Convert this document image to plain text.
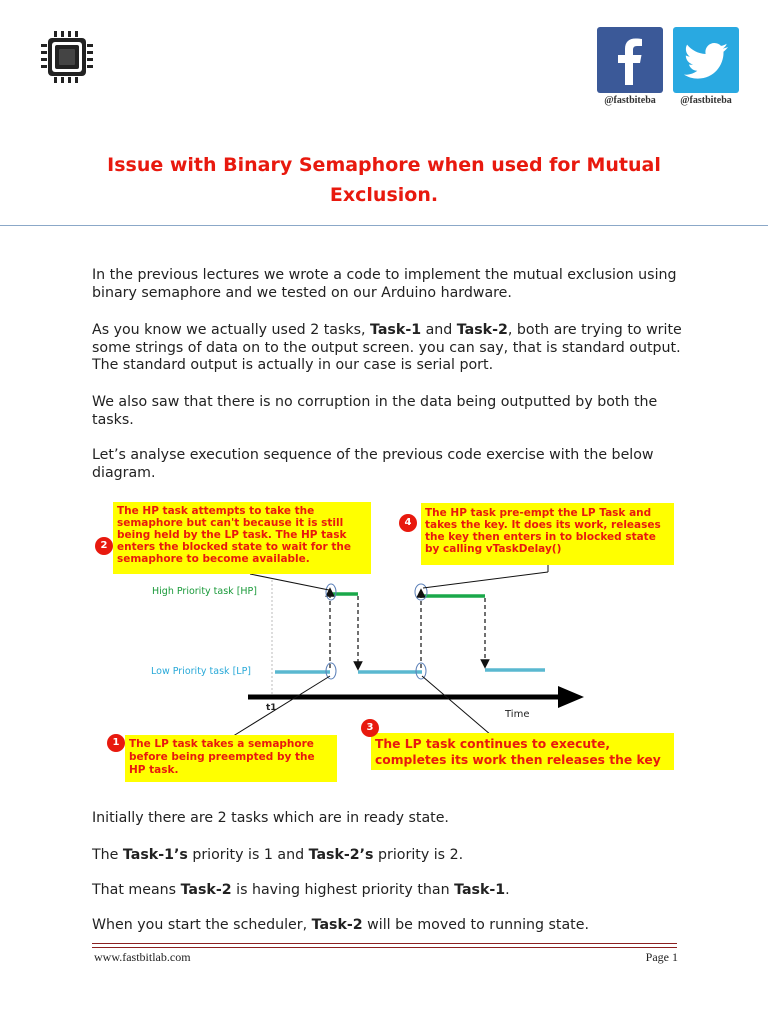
@fastbiteba	@fastbiteba
Issue with Binary Semaphore when used for Mutual Exclusion.
In the previous lectures we wrote a code to implement the mutual exclusion using binary semaphore and we tested on our Arduino hardware.
As you know we actually used 2 tasks, Task-1 and Task-2, both are trying to write some strings of data on to the output screen. you can say, that is standard output. The standard output is actually in our case is serial port.
We also saw that there is no corruption in the data being outputted by both the tasks.
Let’s analyse execution sequence of the previous code exercise with the below diagram.
High Priority task [HP]
Low Priority task [LP]
t1
Time
The HP task attempts to take the semaphore but can't because it is still being held by the LP task. The HP task enters the blocked state to wait for the semaphore to become available.
The HP task pre-empt the LP Task and takes the key. It does its work, releases the key then enters in to blocked state by calling vTaskDelay()
The LP task takes a semaphore before being preempted by the HP task.
The LP task continues to execute, completes its work then releases the key
2
4
1
3
Initially there are 2 tasks which are in ready state.
The Task-1’s priority is 1 and Task-2’s priority is 2.
That means Task-2 is having highest priority than Task-1.
When you start the scheduler, Task-2 will be moved to running state.
www.fastbitlab.com	Page 1
